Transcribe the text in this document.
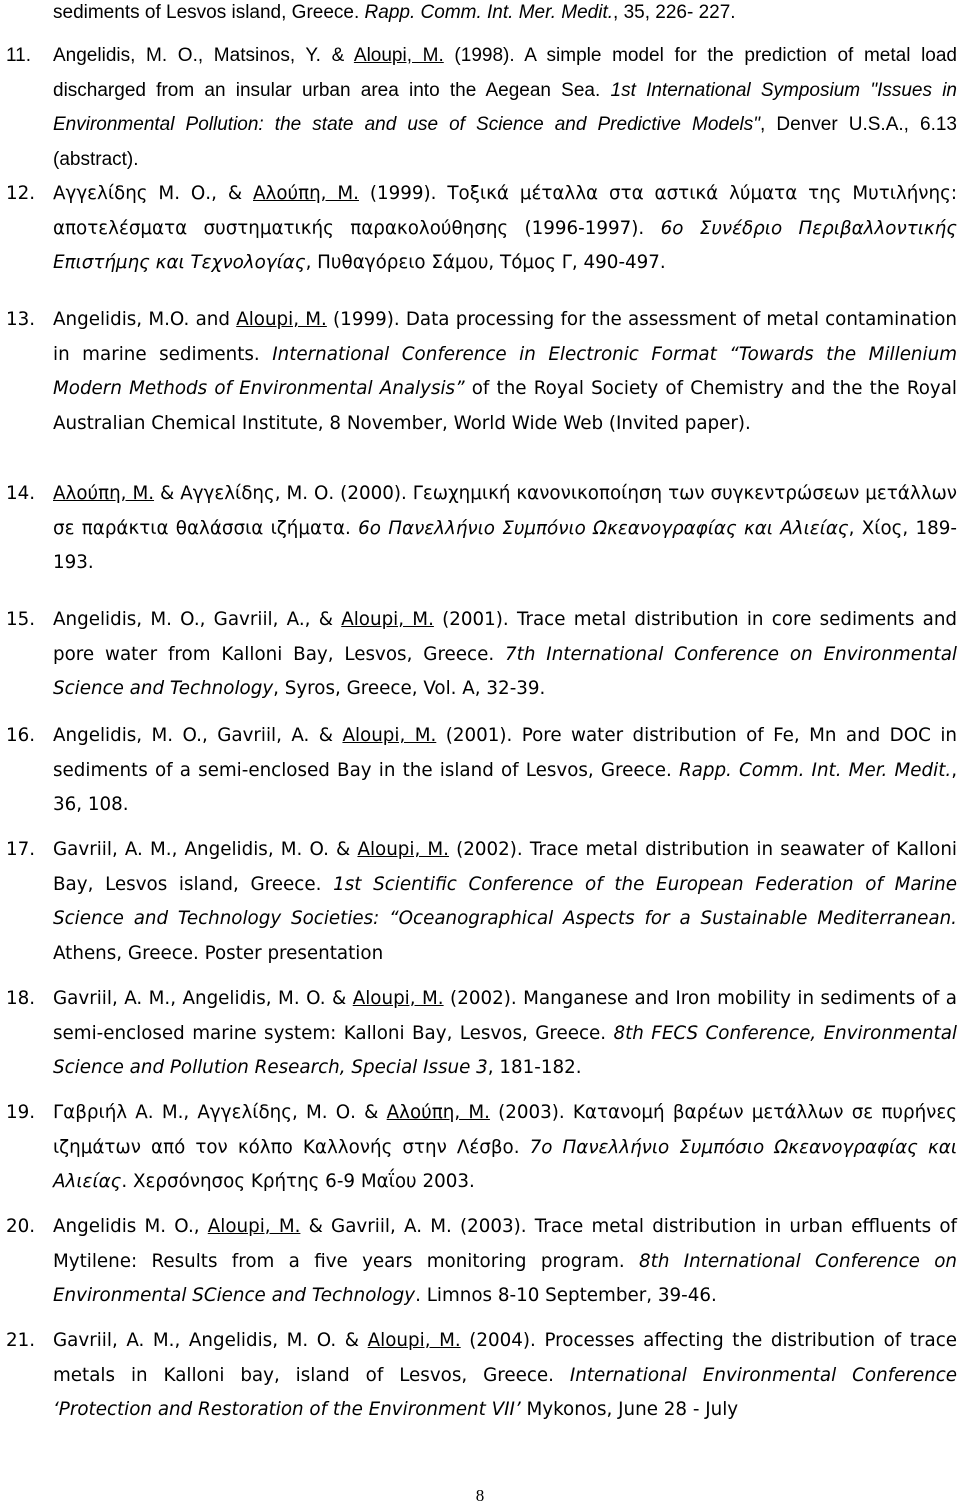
sediments of Lesvos island, Greece. Rapp. Comm. Int. Mer. Medit., 35, 226- 227.
11. Angelidis, M. O., Matsinos, Y. & Aloupi, M. (1998). A simple model for the prediction of metal load discharged from an insular urban area into the Aegean Sea. 1st International Symposium "Issues in Environmental Pollution: the state and use of Science and Predictive Models", Denver U.S.A., 6.13 (abstract).
12. Αγγελίδης Μ. Ο., & Αλούπη, Μ. (1999). Τοξικά μέταλλα στα αστικά λύματα της Μυτιλήνης: αποτελέσματα συστηματικής παρακολούθησης (1996-1997). 6ο Συνέδριο Περιβαλλοντικής Επιστήμης και Τεχνολογίας, Πυθαγόρειο Σάμου, Τόμος Γ, 490-497.
13. Angelidis, M.O. and Aloupi, M. (1999). Data processing for the assessment of metal contamination in marine sediments. International Conference in Electronic Format “Towards the Millenium Modern Methods of Environmental Analysis” of the Royal Society of Chemistry and the the Royal Australian Chemical Institute, 8 November, World Wide Web (Invited paper).
14. Αλούπη, Μ. & Αγγελίδης, Μ. Ο. (2000). Γεωχημική κανονικοποίηση των συγκεντρώσεων μετάλλων σε παράκτια θαλάσσια ιζήματα. 6ο Πανελλήνιο Συμπόνιο Ωκεανογραφίας και Αλιείας, Χίος, 189-193.
15. Angelidis, M. O., Gavriil, A., & Aloupi, M. (2001). Trace metal distribution in core sediments and pore water from Kalloni Bay, Lesvos, Greece. 7th International Conference on Environmental Science and Technology, Syros, Greece, Vol. A, 32-39.
16. Angelidis, M. O., Gavriil, A. & Aloupi, M. (2001). Pore water distribution of Fe, Mn and DOC in sediments of a semi-enclosed Bay in the island of Lesvos, Greece. Rapp. Comm. Int. Mer. Medit., 36, 108.
17. Gavriil, A. M., Angelidis, M. O. & Aloupi, M. (2002). Trace metal distribution in seawater of Kalloni Bay, Lesvos island, Greece. 1st Scientific Conference of the European Federation of Marine Science and Technology Societies: “Oceanographical Aspects for a Sustainable Mediterranean. Athens, Greece. Poster presentation
18. Gavriil, A. M., Angelidis, M. O. & Aloupi, M. (2002). Manganese and Iron mobility in sediments of a semi-enclosed marine system: Kalloni Bay, Lesvos, Greece. 8th FECS Conference, Environmental Science and Pollution Research, Special Issue 3, 181-182.
19. Γαβριήλ Α. Μ., Αγγελίδης, Μ. Ο. & Αλούπη, Μ. (2003). Κατανομή βαρέων μετάλλων σε πυρήνες ιζημάτων από τον κόλπο Καλλονής στην Λέσβο. 7ο Πανελλήνιο Συμπόσιο Ωκεανογραφίας και Αλιείας. Χερσόνησος Κρήτης 6-9 Μαΐου 2003.
20. Angelidis M. O., Aloupi, M. & Gavriil, A. M. (2003). Trace metal distribution in urban effluents of Mytilene: Results from a five years monitoring program. 8th International Conference on Environmental SCience and Technology. Limnos 8-10 September, 39-46.
21. Gavriil, A. M., Angelidis, M. O. & Aloupi, M. (2004). Processes affecting the distribution of trace metals in Kalloni bay, island of Lesvos, Greece. International Environmental Conference ‘Protection and Restoration of the Environment VII’ Mykonos, June 28 - July
8
